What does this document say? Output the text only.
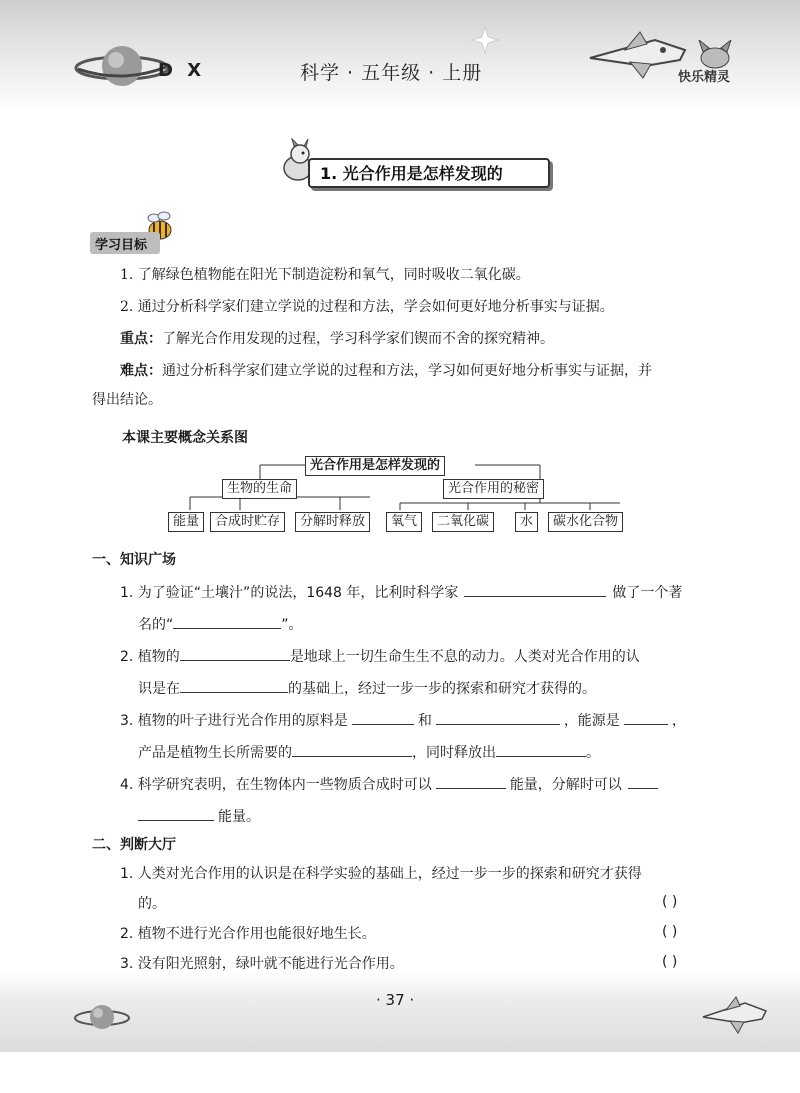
D X	科学 · 五年级 · 上册	快乐精灵
1. 光合作用是怎样发现的
学习目标
1. 了解绿色植物能在阳光下制造淀粉和氧气，同时吸收二氧化碳。
2. 通过分析科学家们建立学说的过程和方法，学会如何更好地分析事实与证据。
重点：了解光合作用发现的过程，学习科学家们锲而不舍的探究精神。
难点：通过分析科学家们建立学说的过程和方法，学习如何更好地分析事实与证据，并
得出结论。
本课主要概念关系图
光合作用是怎样发现的
生物的生命	光合作用的秘密
能量	合成时贮存	分解时释放	氧气	二氧化碳	水	碳水化合物
一、知识广场
1. 为了验证“土壤汁”的说法，1648 年，比利时科学家	做了一个著
名的“	”。
2. 植物的	是地球上一切生命生生不息的动力。人类对光合作用的认
识是在	的基础上，经过一步一步的探索和研究才获得的。
3. 植物的叶子进行光合作用的原料是	和	，能源是	，
产品是植物生长所需要的	，同时释放出	。
4. 科学研究表明，在生物体内一些物质合成时可以	能量，分解时可以
能量。
二、判断大厅
1. 人类对光合作用的认识是在科学实验的基础上，经过一步一步的探索和研究才获得
的。	( )
2. 植物不进行光合作用也能很好地生长。	( )
3. 没有阳光照射，绿叶就不能进行光合作用。	( )
· 37 ·
